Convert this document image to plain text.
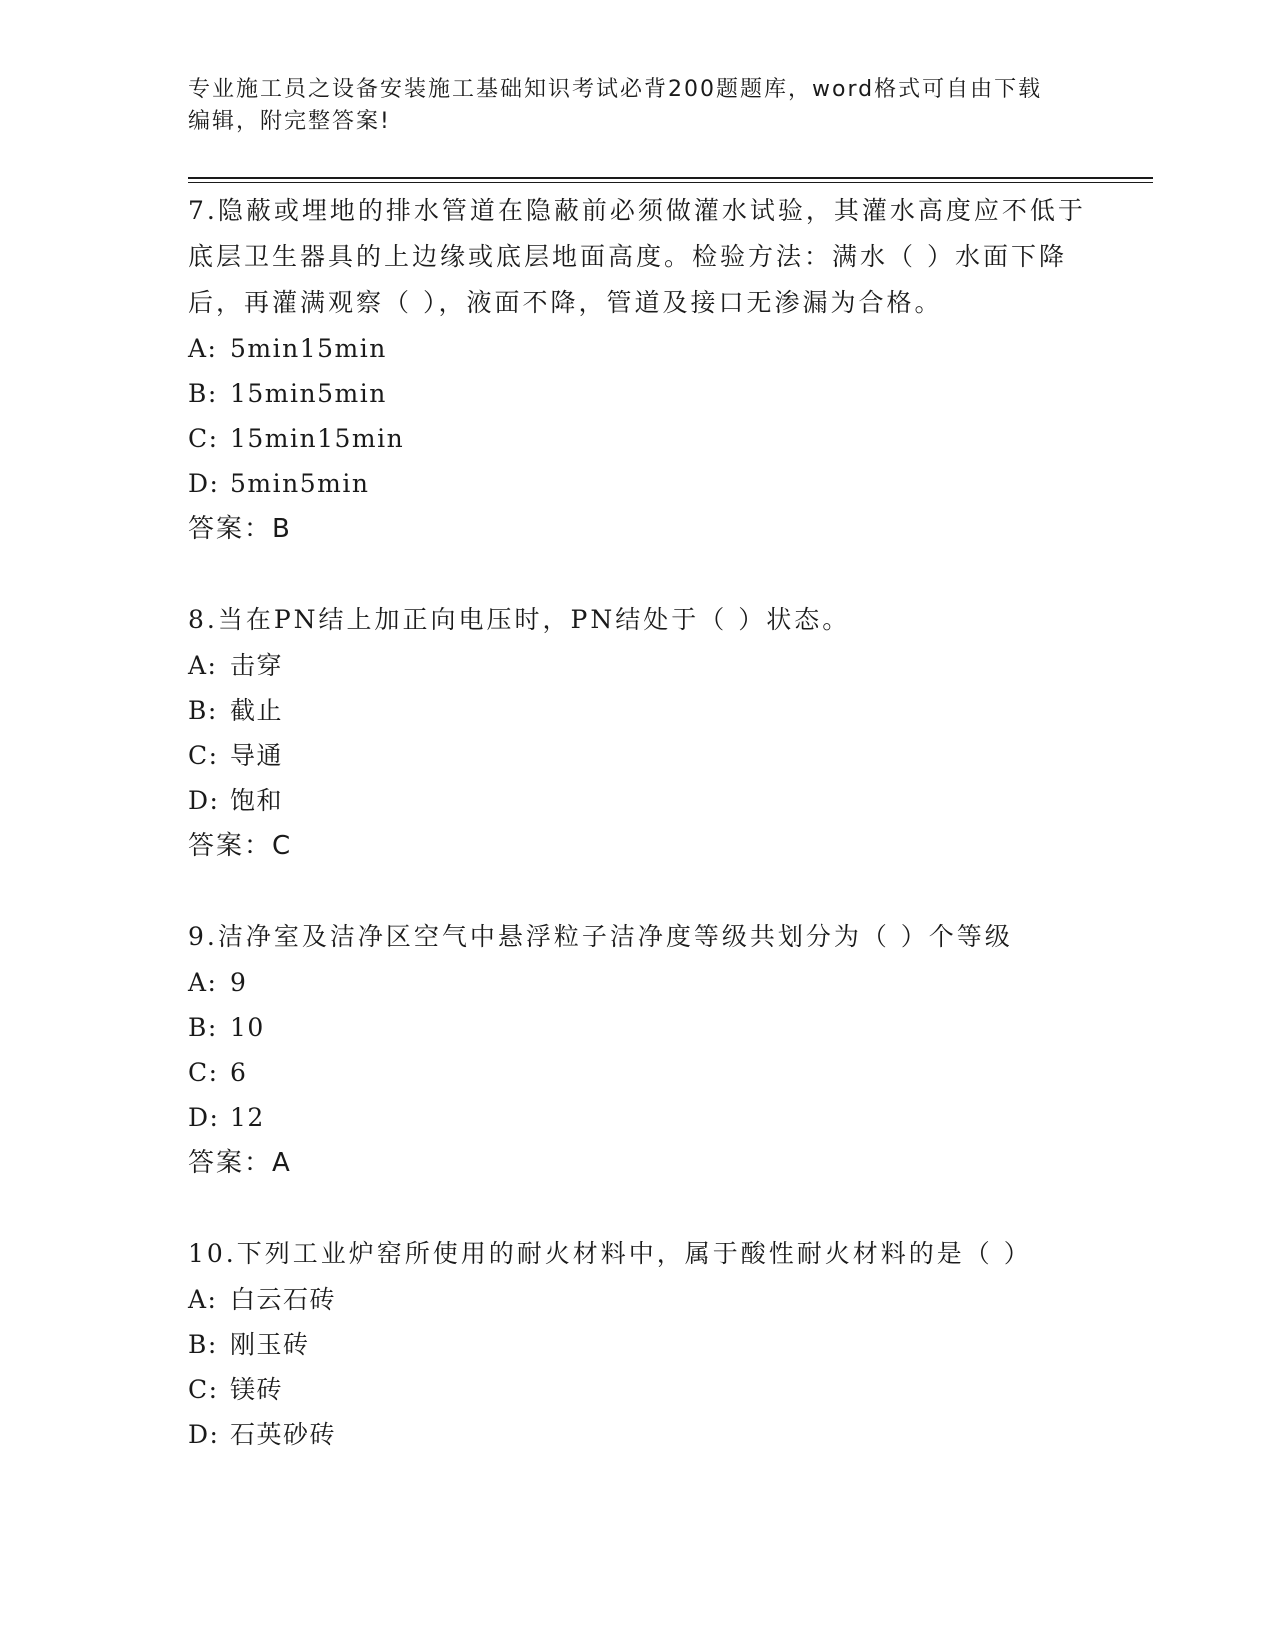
专业施工员之设备安装施工基础知识考试必背200题题库，word格式可自由下载
编辑，附完整答案!

7.隐蔽或埋地的排水管道在隐蔽前必须做灌水试验，其灌水高度应不低于底层卫生器具的上边缘或底层地面高度。检验方法：满水（ ）水面下降后，再灌满观察（ ），液面不降，管道及接口无渗漏为合格。

A: 5min15min

B: 15min5min

C: 15min15min

D: 5min5min

答案：B

8.当在PN结上加正向电压时，PN结处于（ ）状态。

A: 击穿

B: 截止

C: 导通

D: 饱和

答案：C

9.洁净室及洁净区空气中悬浮粒子洁净度等级共划分为（ ）个等级

A: 9

B: 10

C: 6

D: 12

答案：A

10.下列工业炉窑所使用的耐火材料中，属于酸性耐火材料的是（ ）

A: 白云石砖

B: 刚玉砖

C: 镁砖

D: 石英砂砖
